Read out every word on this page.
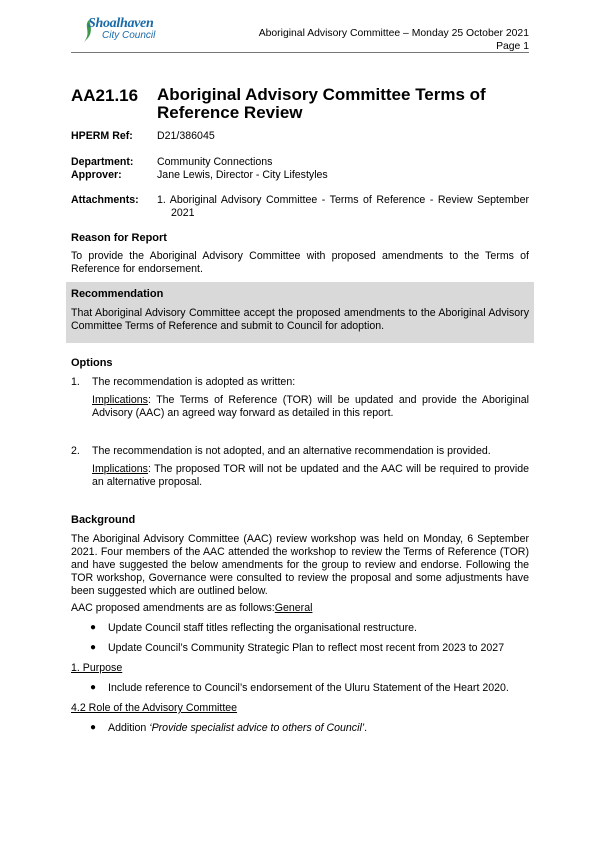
Shoalhaven
City Council	Aboriginal Advisory Committee – Monday 25 October 2021
Page 1
AA21.16 Aboriginal Advisory Committee Terms of Reference Review
HPERM Ref: D21/386045
Department: Community Connections
Approver:	Jane Lewis, Director - City Lifestyles
Attachments: 1. Aboriginal Advisory Committee - Terms of Reference - Review September 2021
Reason for Report
To provide the Aboriginal Advisory Committee with proposed amendments to the Terms of Reference for endorsement.
Recommendation
That Aboriginal Advisory Committee accept the proposed amendments to the Aboriginal Advisory Committee Terms of Reference and submit to Council for adoption.
Options
1. The recommendation is adopted as written:
Implications: The Terms of Reference (TOR) will be updated and provide the Aboriginal Advisory (AAC) an agreed way forward as detailed in this report.
2. The recommendation is not adopted, and an alternative recommendation is provided.
Implications: The proposed TOR will not be updated and the AAC will be required to provide an alternative proposal.
Background
The Aboriginal Advisory Committee (AAC) review workshop was held on Monday, 6 September 2021. Four members of the AAC attended the workshop to review the Terms of Reference (TOR) and have suggested the below amendments for the group to review and endorse. Following the TOR workshop, Governance were consulted to review the proposal and some adjustments have been suggested which are outlined below.
AAC proposed amendments are as follows:General
● Update Council staff titles reflecting the organisational restructure.
● Update Council’s Community Strategic Plan to reflect most recent from 2023 to 2027
1. Purpose
● Include reference to Council’s endorsement of the Uluru Statement of the Heart 2020.
4.2 Role of the Advisory Committee
● Addition ‘Provide specialist advice to others of Council’.
